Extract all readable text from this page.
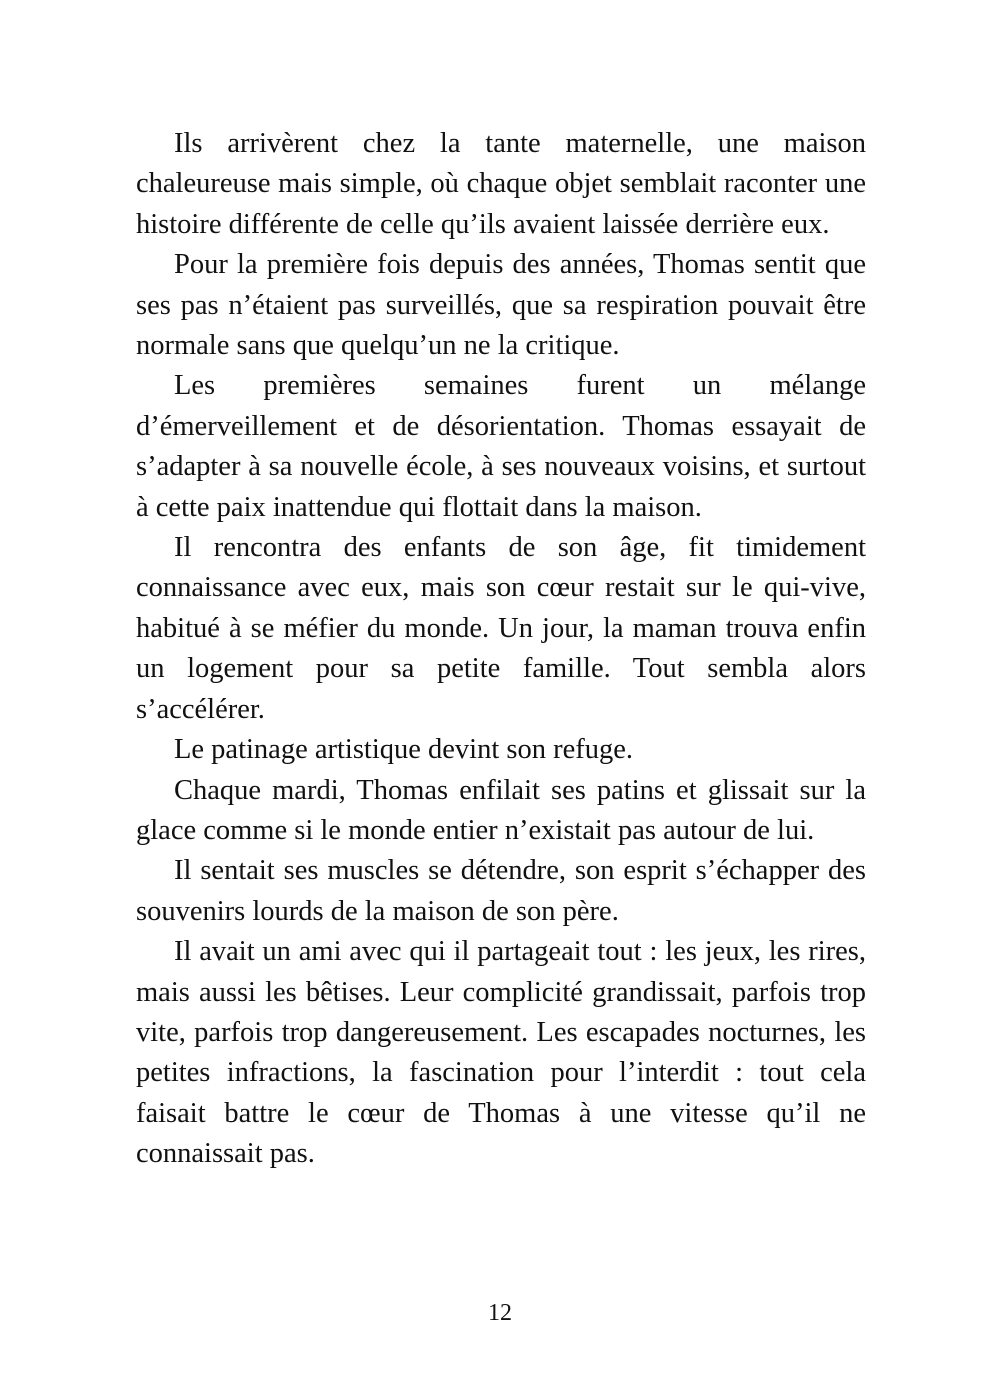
Ils arrivèrent chez la tante maternelle, une maison chaleureuse mais simple, où chaque objet semblait raconter une histoire différente de celle qu’ils avaient laissée derrière eux.

Pour la première fois depuis des années, Thomas sentit que ses pas n’étaient pas surveillés, que sa respiration pouvait être normale sans que quelqu’un ne la critique.

Les premières semaines furent un mélange d’émerveillement et de désorientation. Thomas essayait de s’adapter à sa nouvelle école, à ses nouveaux voisins, et surtout à cette paix inattendue qui flottait dans la maison.

Il rencontra des enfants de son âge, fit timidement connaissance avec eux, mais son cœur restait sur le qui-vive, habitué à se méfier du monde. Un jour, la maman trouva enfin un logement pour sa petite famille. Tout sembla alors s’accélérer.

Le patinage artistique devint son refuge.

Chaque mardi, Thomas enfilait ses patins et glissait sur la glace comme si le monde entier n’existait pas autour de lui.

Il sentait ses muscles se détendre, son esprit s’échapper des souvenirs lourds de la maison de son père.

Il avait un ami avec qui il partageait tout : les jeux, les rires, mais aussi les bêtises. Leur complicité grandissait, parfois trop vite, parfois trop dangereusement. Les escapades nocturnes, les petites infractions, la fascination pour l’interdit : tout cela faisait battre le cœur de Thomas à une vitesse qu’il ne connaissait pas.

12
